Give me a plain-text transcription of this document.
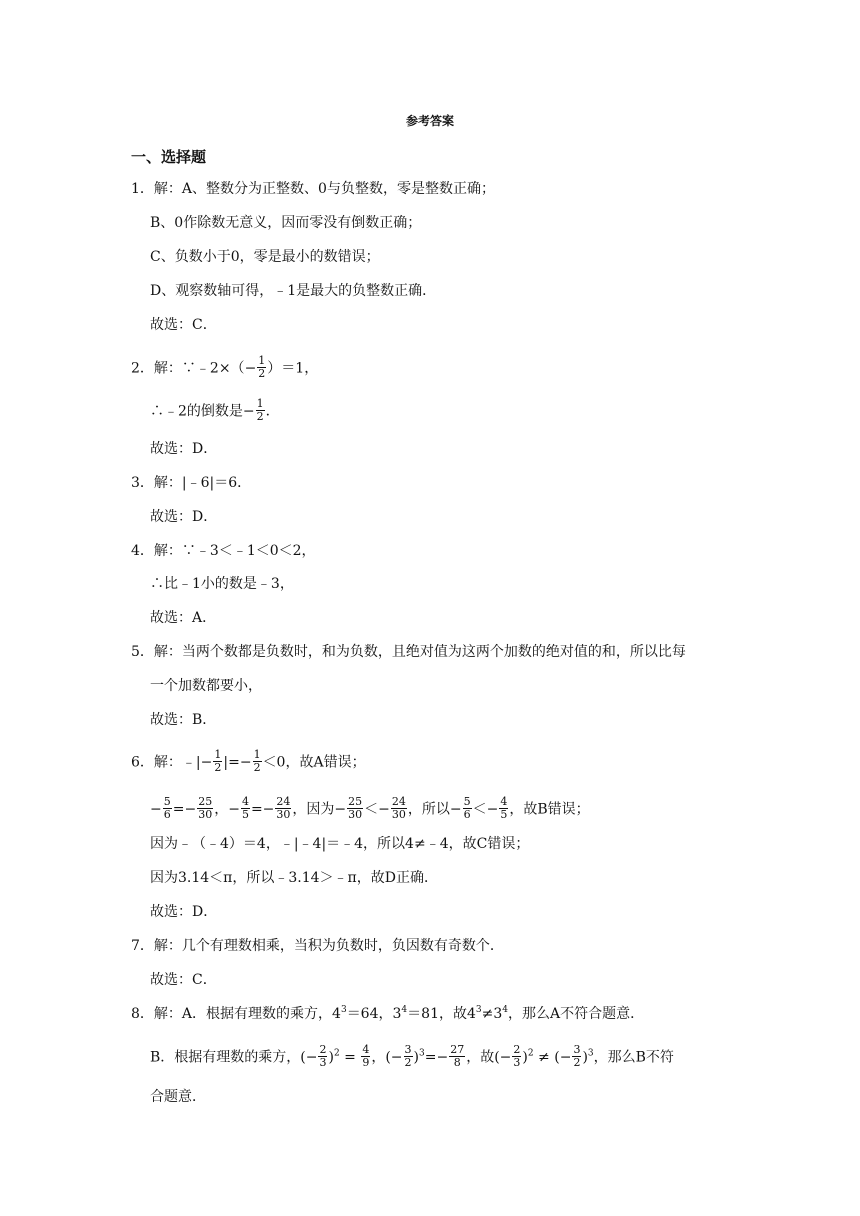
参考答案
一、选择题
1．解：A、整数分为正整数、0与负整数，零是整数正确；
B、0作除数无意义，因而零没有倒数正确；
C、负数小于0，零是最小的数错误；
D、观察数轴可得，﹣1是最大的负整数正确．
故选：C．
2．解：∵﹣2×（− $\frac{1}{2} )=1$，
∴﹣2的倒数是− $\frac{1}{2}$ ．
故选：D．
3．解：|﹣6|＝6．
故选：D．
4．解：∵﹣3＜﹣1＜0＜2，
∴比﹣1小的数是﹣3，
故选：A．
5．解：当两个数都是负数时，和为负数，且绝对值为这两个加数的绝对值的和，所以比每
一个加数都要小，
故选：B．
6．解：﹣|− $\frac{1}{2}$ |=− $\frac{1}{2} <0$，故A错误；
− $\frac{5}{6} =- \frac{25}{30}$ ，− $\frac{4}{5} =- \frac{24}{30}$ ，因为− $\frac{25}{30} <- \frac{24}{30}$ ，所以− $\frac{5}{6} <- \frac{4}{5}$ ，故B错误；
因为﹣（﹣4）＝4，﹣|﹣4|＝﹣4，所以4≠﹣4，故C错误；
因为3.14＜π，所以﹣3.14＞﹣π，故D正确．
故选：D．
7．解：几个有理数相乘，当积为负数时，负因数有奇数个．
故选：C．
8．解：A．根据有理数的乘方，$4^3=64$，$3^4=81$，故$4^3\ne 3^4$，那么A不符合题意．
B．根据有理数的乘方，(− $\frac{2}{3} )^2 = \frac{4}{9}$ ，(− $\frac{3}{2} )^3=- \frac{27}{8}$ ，故(− $\frac{2}{3} )^2$ ≠ (− $\frac{3}{2} )^3$，那么B不符
合题意．
